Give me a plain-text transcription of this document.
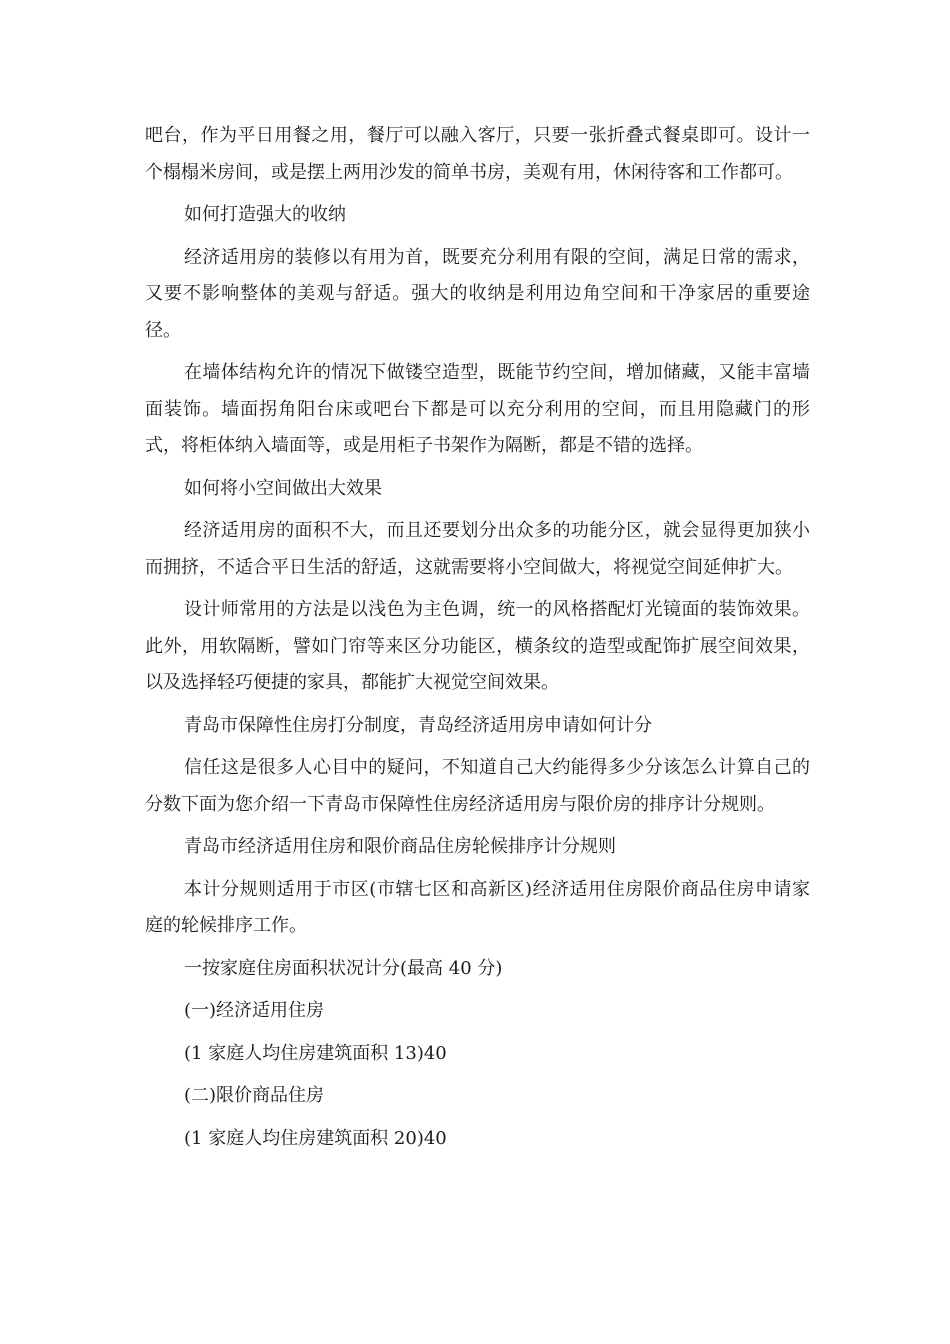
吧台，作为平日用餐之用，餐厅可以融入客厅，只要一张折叠式餐桌即可。设计一个榻榻米房间，或是摆上两用沙发的简单书房，美观有用，休闲待客和工作都可。

如何打造强大的收纳

经济适用房的装修以有用为首，既要充分利用有限的空间，满足日常的需求，又要不影响整体的美观与舒适。强大的收纳是利用边角空间和干净家居的重要途径。

在墙体结构允许的情况下做镂空造型，既能节约空间，增加储藏，又能丰富墙面装饰。墙面拐角阳台床或吧台下都是可以充分利用的空间，而且用隐藏门的形式，将柜体纳入墙面等，或是用柜子书架作为隔断，都是不错的选择。

如何将小空间做出大效果

经济适用房的面积不大，而且还要划分出众多的功能分区，就会显得更加狭小而拥挤，不适合平日生活的舒适，这就需要将小空间做大，将视觉空间延伸扩大。

设计师常用的方法是以浅色为主色调，统一的风格搭配灯光镜面的装饰效果。此外，用软隔断，譬如门帘等来区分功能区，横条纹的造型或配饰扩展空间效果，以及选择轻巧便捷的家具，都能扩大视觉空间效果。

青岛市保障性住房打分制度，青岛经济适用房申请如何计分

信任这是很多人心目中的疑问，不知道自己大约能得多少分该怎么计算自己的分数下面为您介绍一下青岛市保障性住房经济适用房与限价房的排序计分规则。

青岛市经济适用住房和限价商品住房轮候排序计分规则

本计分规则适用于市区(市辖七区和高新区)经济适用住房限价商品住房申请家庭的轮候排序工作。

一按家庭住房面积状况计分(最高 40 分)

(一)经济适用住房

(1 家庭人均住房建筑面积 13)40

(二)限价商品住房

(1 家庭人均住房建筑面积 20)40
